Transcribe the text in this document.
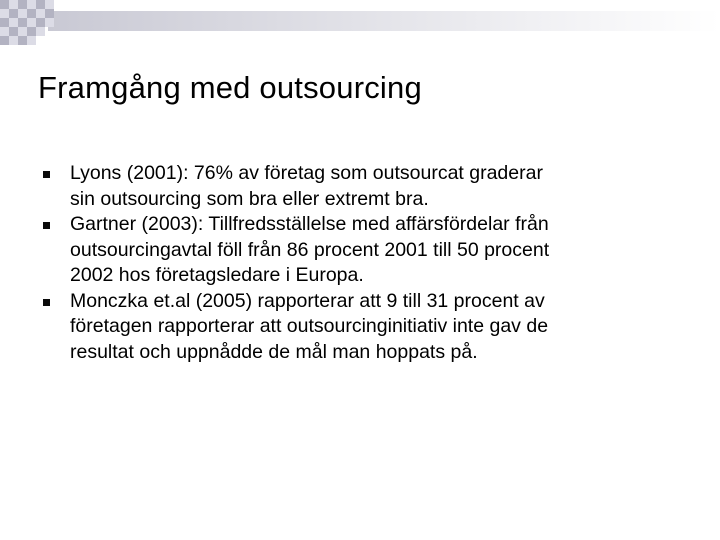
Framgång med outsourcing
Lyons (2001): 76% av företag som outsourcat graderar
sin outsourcing som bra eller extremt bra.
Gartner (2003): Tillfredsställelse med affärsfördelar från
outsourcingavtal föll från 86 procent 2001 till 50 procent
2002 hos företagsledare i Europa.
Monczka et.al (2005) rapporterar att 9 till 31 procent av
företagen rapporterar att outsourcinginitiativ inte gav de
resultat och uppnådde de mål man hoppats på.
